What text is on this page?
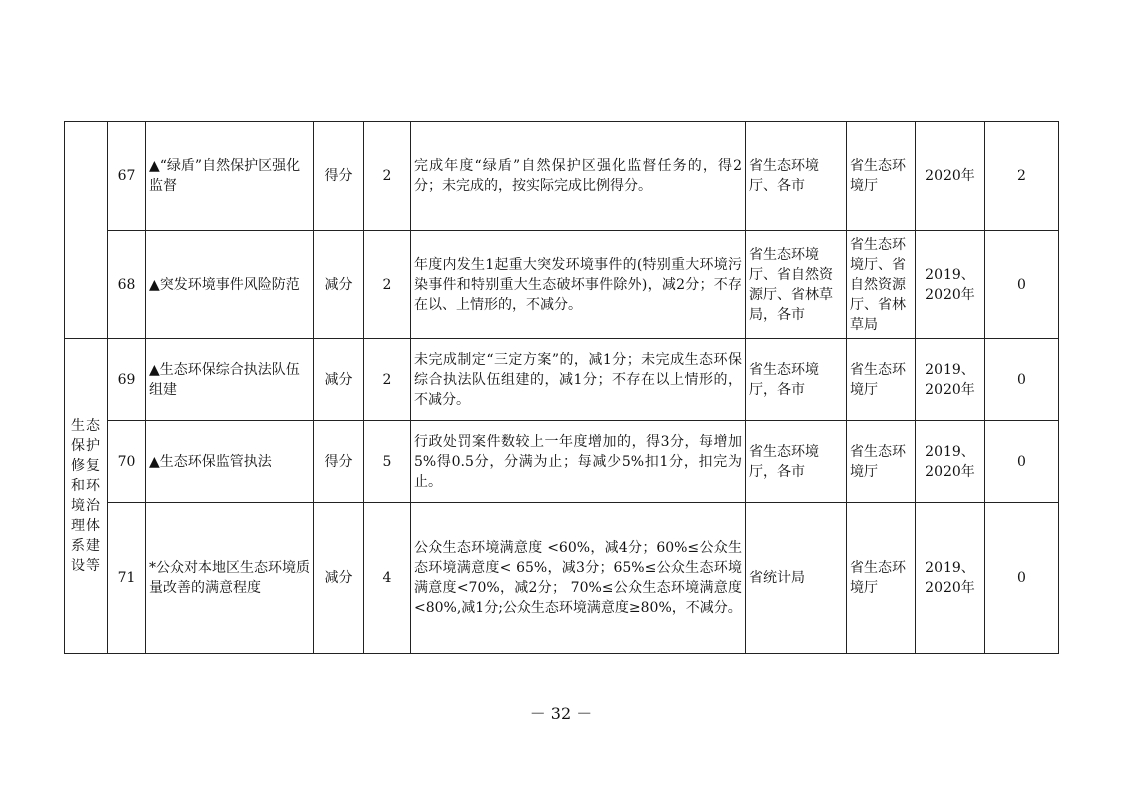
	67	▲“绿盾”自然保护区强化监督	得分	2	完成年度“绿盾”自然保护区强化监督任务的，得2分；未完成的，按实际完成比例得分。	省生态环境厅、各市	省生态环境厅	2020年	2
	68	▲突发环境事件风险防范	减分	2	年度内发生1起重大突发环境事件的(特别重大环境污染事件和特别重大生态破坏事件除外)，减2分；不存在以、上情形的，不减分。	省生态环境厅、省自然资源厅、省林草局，各市	省生态环境厅、省自然资源厅、省林草局	2019、2020年	0
生态保护修复和环境治理体系建设等	69	▲生态环保综合执法队伍组建	减分	2	未完成制定“三定方案”的，减1分；未完成生态环保综合执法队伍组建的，减1分；不存在以上情形的，不减分。	省生态环境厅，各市	省生态环境厅	2019、2020年	0
	70	▲生态环保监管执法	得分	5	行政处罚案件数较上一年度增加的，得3分，每增加5%得0.5分，分满为止；每减少5%扣1分，扣完为止。	省生态环境厅，各市	省生态环境厅	2019、2020年	0
	71	*公众对本地区生态环境质量改善的满意程度	减分	4	公众生态环境满意度 <60%，减4分；60%≤公众生态环境满意度< 65%，减3分；65%≤公众生态环境满意度<70%，减2分； 70%≤公众生态环境满意度<80%,减1分;公众生态环境满意度≥80%，不减分。	省统计局	省生态环境厅	2019、2020年	0
－ 32 －
